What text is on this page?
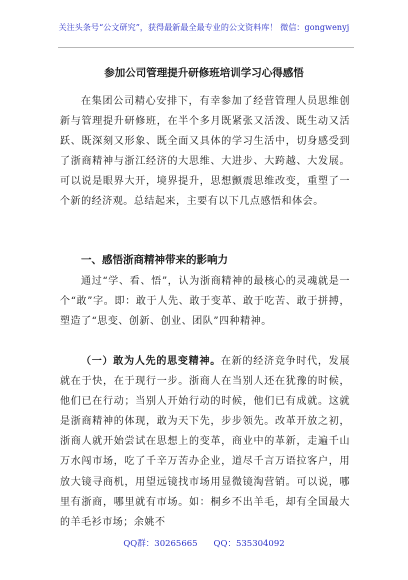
关注头条号“公文研究”，获得最新最全最专业的公文资料库！ 微信：gongwenyj
参加公司管理提升研修班培训学习心得感悟
在集团公司精心安排下，有幸参加了经营管理人员思维创新与管理提升研修班，在半个多月既紧张又活泼、既生动又活跃、既深刻又形象、既全面又具体的学习生活中，切身感受到了浙商精神与浙江经济的大思维、大进步、大跨越、大发展。可以说是眼界大开，境界提升，思想颤震思维改变，重塑了一个新的经济观。总结起来，主要有以下几点感悟和体会。
一、感悟浙商精神带来的影响力
通过“学、看、悟”，认为浙商精神的最核心的灵魂就是一个“敢”字。即：敢于人先、敢于变革、敢于吃苦、敢于拼搏，塑造了“思变、创新、创业、团队”四种精神。
（一）敢为人先的思变精神。在新的经济竞争时代，发展就在于快，在于现行一步。浙商人在当别人还在犹豫的时候，他们已在行动；当别人开始行动的时候，他们已有成就。这就是浙商精神的体现，敢为天下先，步步领先。改革开放之初，浙商人就开始尝试在思想上的变革，商业中的革新，走遍千山万水闯市场，吃了千辛万苦办企业，道尽千言万语拉客户，用放大镜寻商机，用望远镜找市场用显微镜淘营销。可以说，哪里有浙商，哪里就有市场。如：桐乡不出羊毛，却有全国最大的羊毛衫市场；余姚不
QQ群：30265665 QQ：535304092
